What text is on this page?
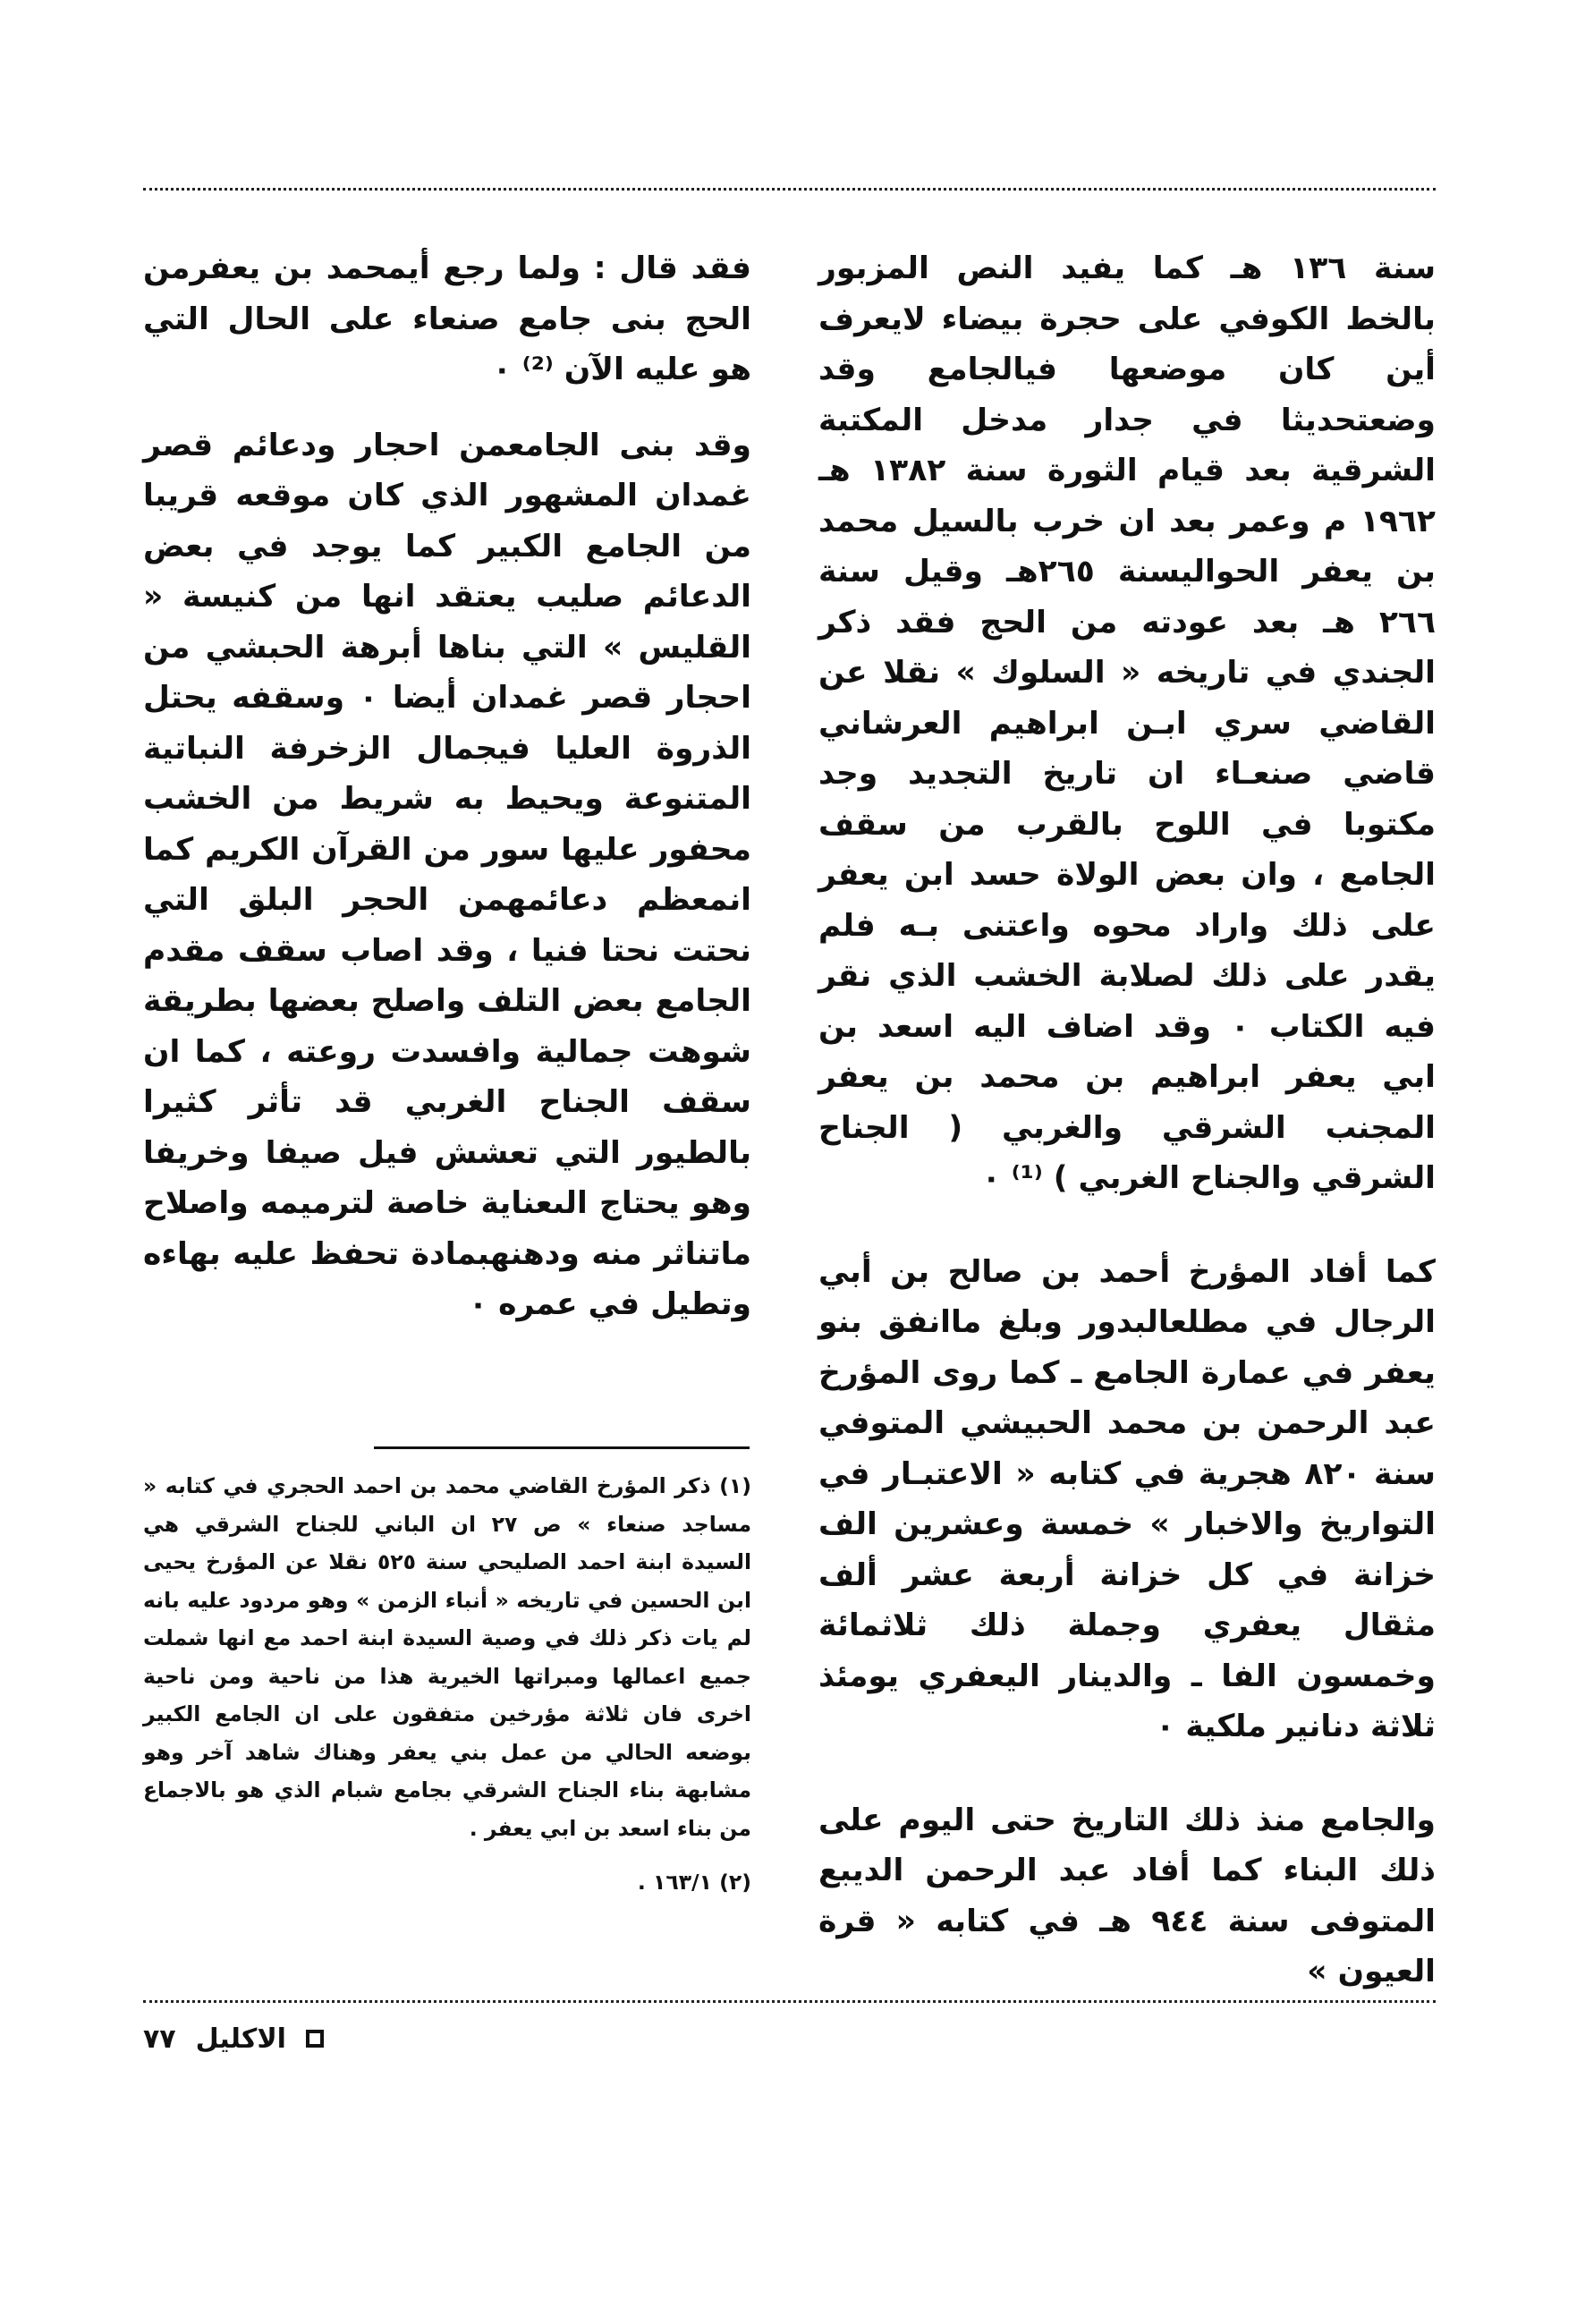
سنة ١٣٦ هـ كما يفيد النص المزبور بالخط الكوفي على حجرة بيضاء لايعرف أين كان موضعها فيالجامع وقد وضعتحديثا في جدار مدخل المكتبة الشرقية بعد قيام الثورة سنة ١٣٨٢ هـ ١٩٦٢ م وعمر بعد ان خرب بالسيل محمد بن يعفر الحواليسنة ٢٦٥هـ وقيل سنة ٢٦٦ هـ بعد عودته من الحج فقد ذكر الجندي في تاريخه « السلوك » نقلا عن القاضي سري ابـن ابراهيم العرشاني قاضي صنعـاء ان تاريخ التجديد وجد مكتوبا في اللوح بالقرب من سقف الجامع ، وان بعض الولاة حسد ابن يعفر على ذلك واراد محوه واعتنى بـه فلم يقدر على ذلك لصلابة الخشب الذي نقر فيه الكتاب ٠ وقد اضاف اليه اسعد بن ابي يعفر ابراهيم بن محمد بن يعفر المجنب الشرقي والغربي ( الجناح الشرقي والجناح الغربي ) ⁽¹⁾ ٠

كما أفاد المؤرخ أحمد بن صالح بن أبي الرجال في مطلعالبدور وبلغ ماانفق بنو يعفر في عمارة الجامع ـ كما روى المؤرخ عبد الرحمن بن محمد الحبيشي المتوفي سنة ٨٢٠ هجرية في كتابه « الاعتبـار في التواريخ والاخبار » خمسة وعشرين الف خزانة في كل خزانة أربعة عشر ألف مثقال يعفري وجملة ذلك ثلاثمائة وخمسون الفا ـ والدينار اليعفري يومئذ ثلاثة دنانير ملكية ٠

والجامع منذ ذلك التاريخ حتى اليوم على ذلك البناء كما أفاد عبد الرحمن الديبع المتوفى سنة ٩٤٤ هـ في كتابه « قرة العيون »

فقد قال : ولما رجع أيمحمد بن يعفرمن الحج بنى جامع صنعاء على الحال التي هو عليه الآن ⁽²⁾ ٠

وقد بنى الجامعمن احجار ودعائم قصر غمدان المشهور الذي كان موقعه قريبا من الجامع الكبير كما يوجد في بعض الدعائم صليب يعتقد انها من كنيسة « القليس » التي بناها أبرهة الحبشي من احجار قصر غمدان أيضا ٠ وسقفه يحتل الذروة العليا فيجمال الزخرفة النباتية المتنوعة ويحيط به شريط من الخشب محفور عليها سور من القرآن الكريم كما انمعظم دعائمهمن الحجر البلق التي نحتت نحتا فنيا ، وقد اصاب سقف مقدم الجامع بعض التلف واصلح بعضها بطريقة شوهت جمالية وافسدت روعته ، كما ان سقف الجناح الغربي قد تأثر كثيرا بالطيور التي تعشش فيل صيفا وخريفا وهو يحتاج الىعناية خاصة لترميمه واصلاح ماتناثر منه ودهنهبمادة تحفظ عليه بهاءه وتطيل في عمره ٠

(١) ذكر المؤرخ القاضي محمد بن احمد الحجري في كتابه « مساجد صنعاء » ص ٢٧ ان الباني للجناح الشرقي هي السيدة ابنة احمد الصليحي سنة ٥٢٥ نقلا عن المؤرخ يحيى ابن الحسين في تاريخه « أنباء الزمن » وهو مردود عليه بانه لم يات ذكر ذلك في وصية السيدة ابنة احمد مع انها شملت جميع اعمالها ومبراتها الخيرية هذا من ناحية ومن ناحية اخرى فان ثلاثة مؤرخين متفقون على ان الجامع الكبير بوضعه الحالي من عمل بني يعفر وهناك شاهد آخر وهو مشابهة بناء الجناح الشرقي بجامع شبام الذي هو بالاجماع من بناء اسعد بن ابي يعفر .

(٢) ١٦٣/١ .

٧٧ الاكليل
